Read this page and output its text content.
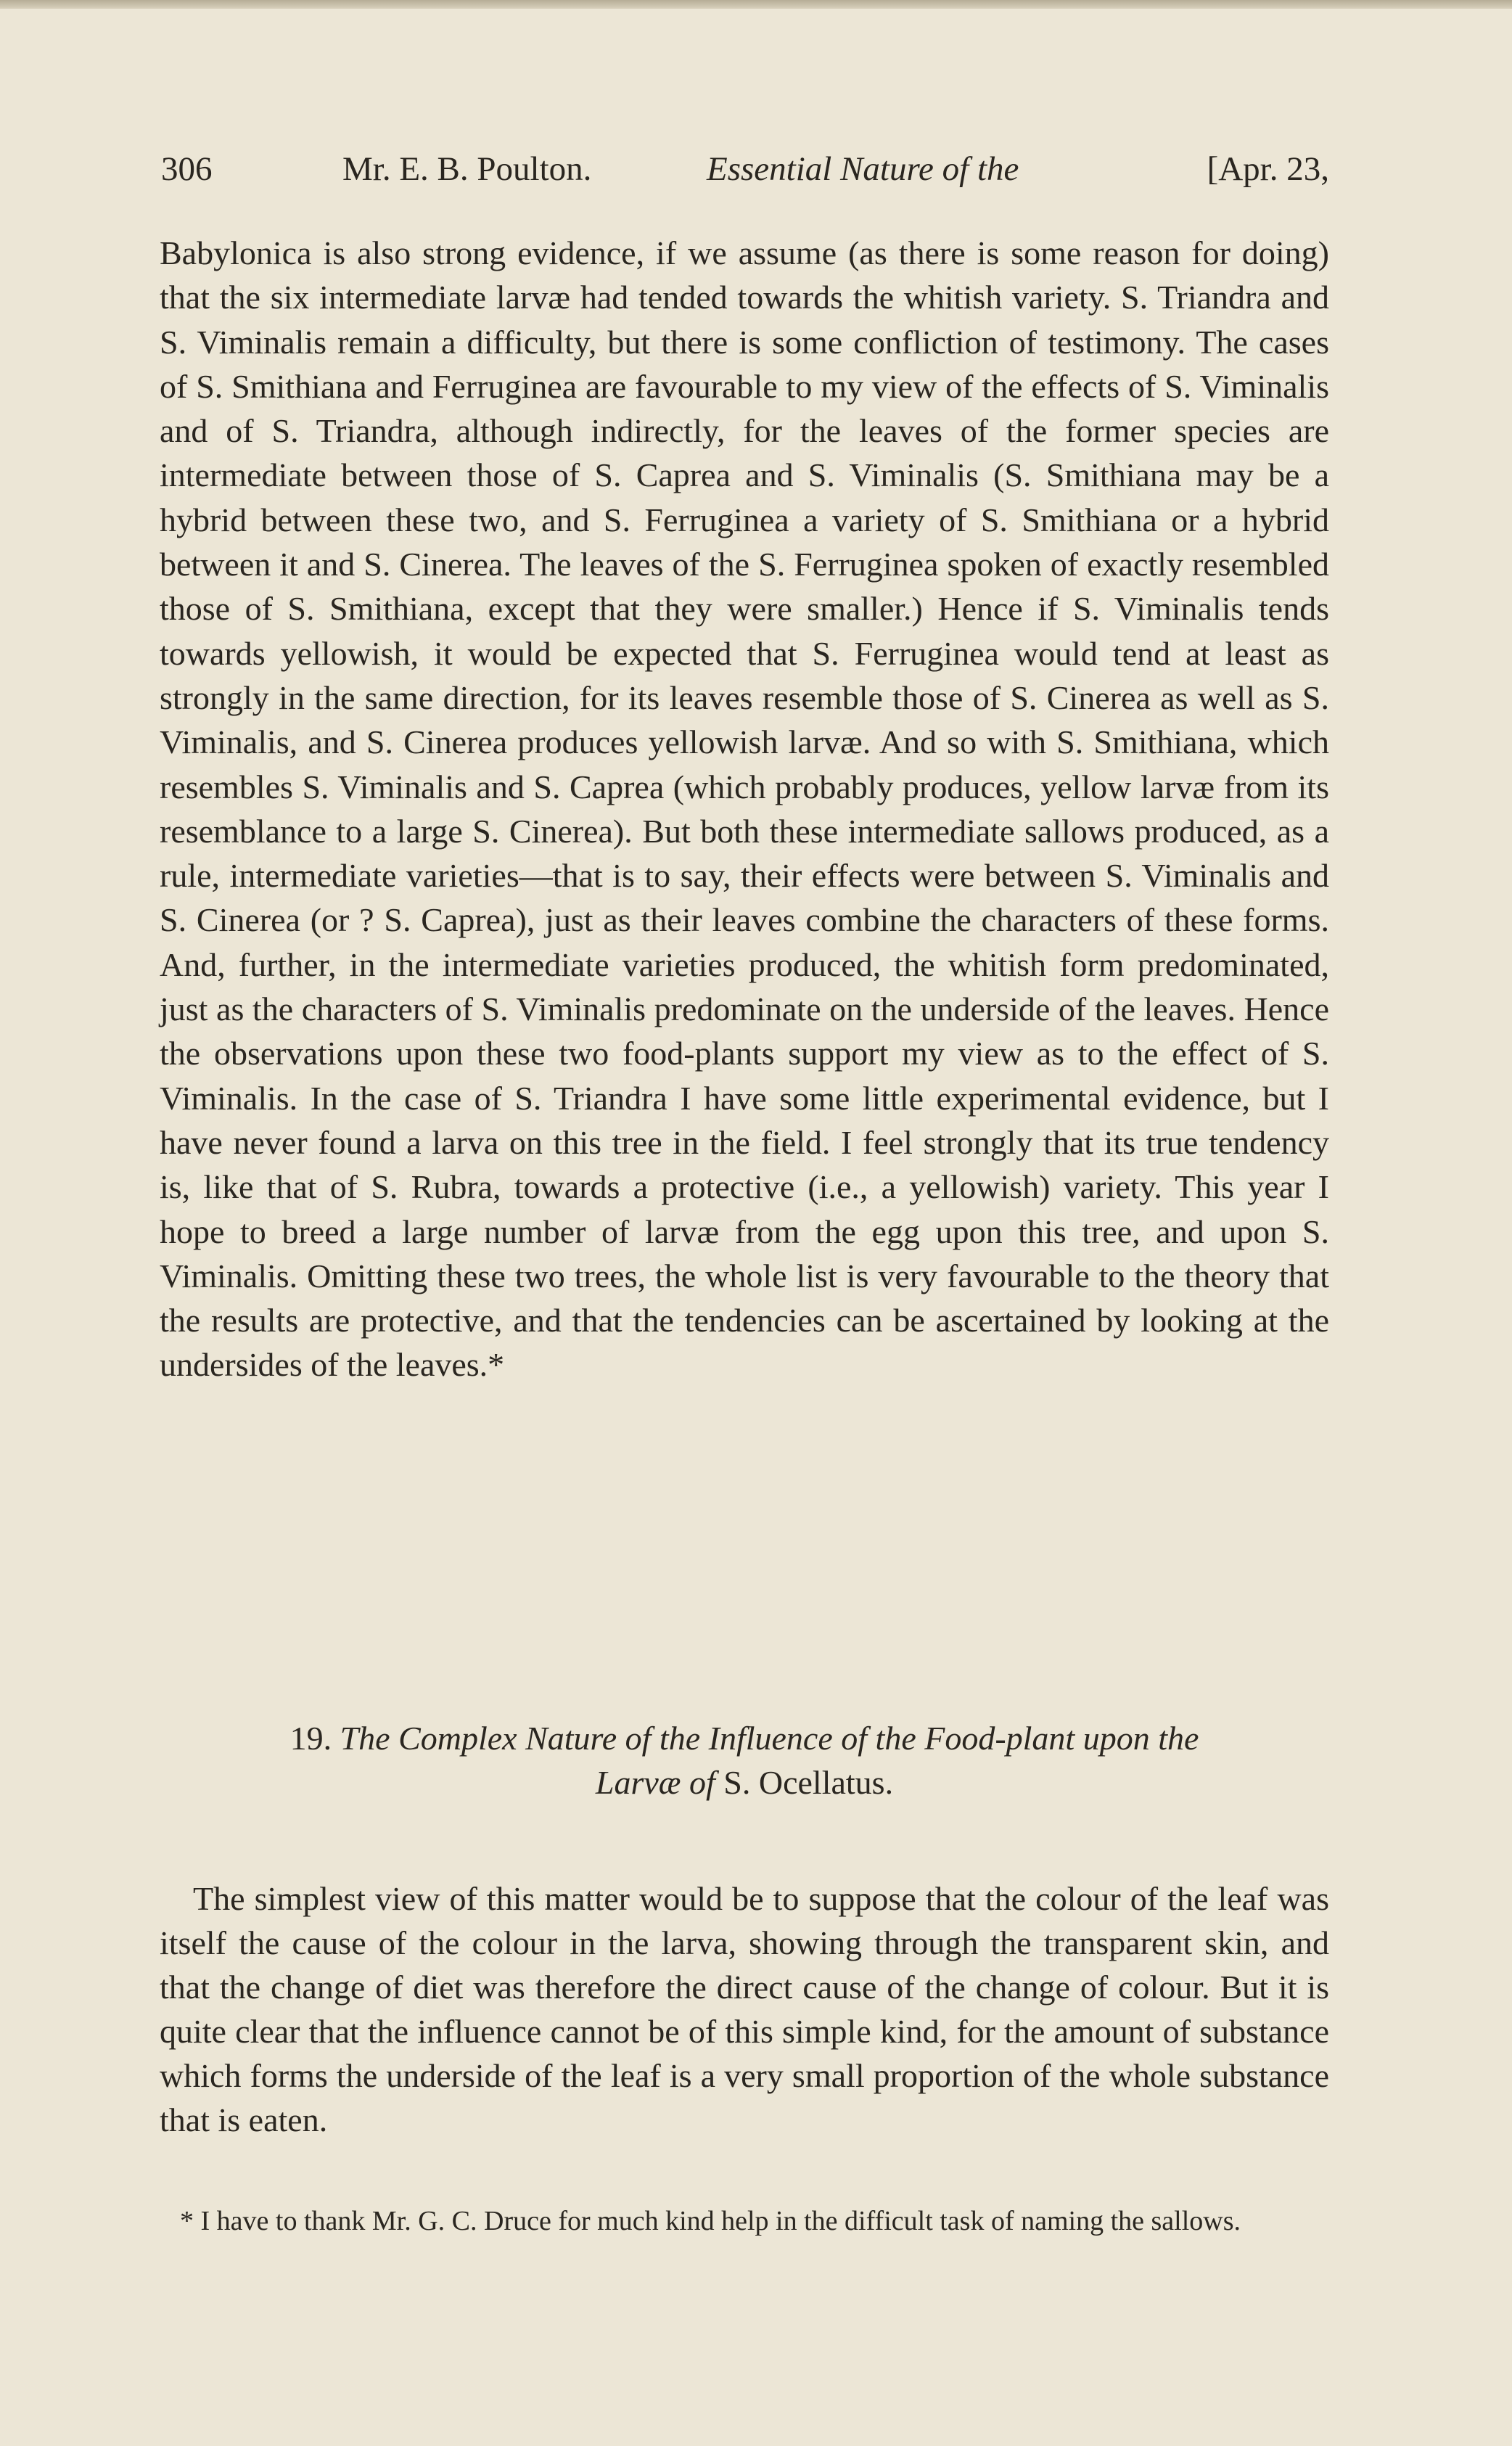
306	Mr. E. B. Poulton.	Essential Nature of the	[Apr. 23,

Babylonica is also strong evidence, if we assume (as there is some reason for doing) that the six intermediate larvæ had tended towards the whitish variety. S. Triandra and S. Viminalis remain a difficulty, but there is some confliction of testimony. The cases of S. Smithiana and Ferruginea are favourable to my view of the effects of S. Viminalis and of S. Triandra, although indirectly, for the leaves of the former species are intermediate between those of S. Caprea and S. Viminalis (S. Smithiana may be a hybrid between these two, and S. Ferruginea a variety of S. Smithiana or a hybrid between it and S. Cinerea. The leaves of the S. Ferruginea spoken of exactly resembled those of S. Smithiana, except that they were smaller.) Hence if S. Viminalis tends towards yellowish, it would be expected that S. Ferruginea would tend at least as strongly in the same direction, for its leaves resemble those of S. Cinerea as well as S. Viminalis, and S. Cinerea produces yellowish larvæ. And so with S. Smithiana, which resembles S. Viminalis and S. Caprea (which probably produces, yellow larvæ from its resemblance to a large S. Cinerea). But both these intermediate sallows produced, as a rule, intermediate varieties—that is to say, their effects were between S. Viminalis and S. Cinerea (or ? S. Caprea), just as their leaves combine the characters of these forms. And, further, in the intermediate varieties produced, the whitish form predominated, just as the characters of S. Viminalis predominate on the underside of the leaves. Hence the observations upon these two food-plants support my view as to the effect of S. Viminalis. In the case of S. Triandra I have some little experimental evidence, but I have never found a larva on this tree in the field. I feel strongly that its true tendency is, like that of S. Rubra, towards a protective (i.e., a yellowish) variety. This year I hope to breed a large number of larvæ from the egg upon this tree, and upon S. Viminalis. Omitting these two trees, the whole list is very favourable to the theory that the results are protective, and that the tendencies can be ascertained by looking at the undersides of the leaves.*

19. The Complex Nature of the Influence of the Food-plant upon the
Larvæ of S. Ocellatus.

The simplest view of this matter would be to suppose that the colour of the leaf was itself the cause of the colour in the larva, showing through the transparent skin, and that the change of diet was therefore the direct cause of the change of colour. But it is quite clear that the influence cannot be of this simple kind, for the amount of substance which forms the underside of the leaf is a very small proportion of the whole substance that is eaten.

* I have to thank Mr. G. C. Druce for much kind help in the difficult task of naming the sallows.
